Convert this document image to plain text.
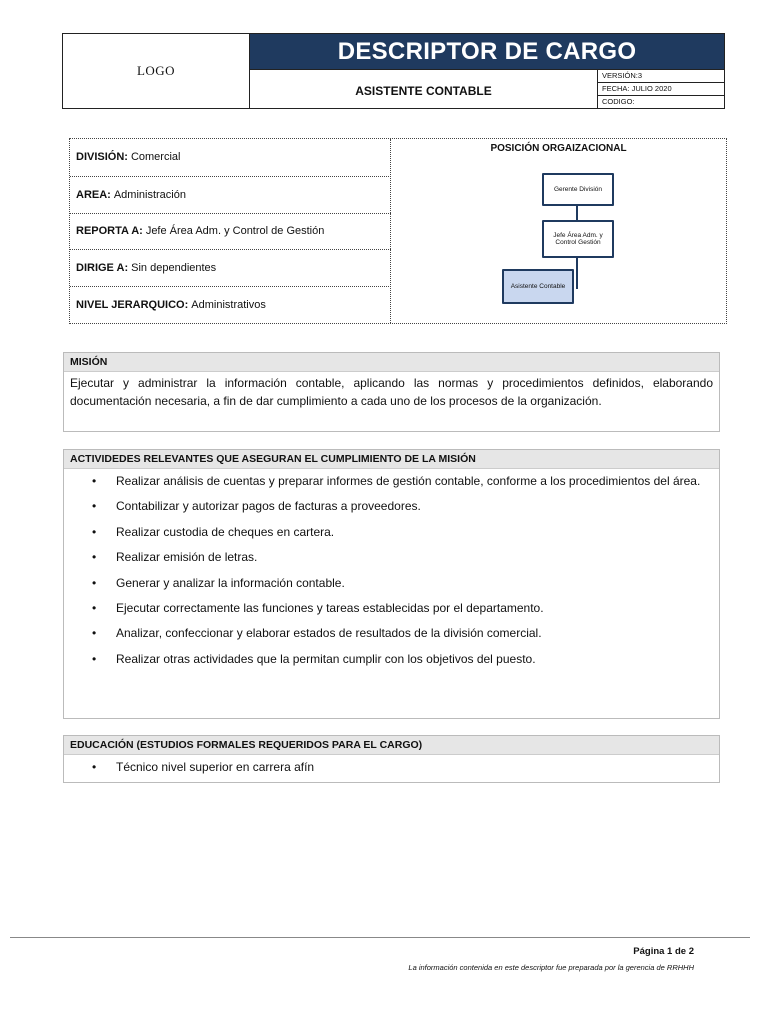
LOGO
DESCRIPTOR DE CARGO
ASISTENTE CONTABLE
VERSIÓN:3
FECHA: JULIO 2020
CODIGO:
DIVISIÓN: Comercial
AREA: Administración
REPORTA A: Jefe Área Adm. y Control de Gestión
DIRIGE A: Sin dependientes
NIVEL JERARQUICO: Administrativos
POSICIÓN ORGAIZACIONAL
Gerente División
Jefe Área Adm. y Control Gestión
Asistente Contable
MISIÓN
Ejecutar y administrar la información contable, aplicando las normas y procedimientos definidos, elaborando documentación necesaria, a fin de dar cumplimiento a cada uno de los procesos de la organización.
ACTIVIDEDES RELEVANTES QUE ASEGURAN EL CUMPLIMIENTO DE LA MISIÓN
• Realizar análisis de cuentas y preparar informes de gestión contable, conforme a los procedimientos del área.
• Contabilizar y autorizar pagos de facturas a proveedores.
• Realizar custodia de cheques en cartera.
• Realizar emisión de letras.
• Generar y analizar la información contable.
• Ejecutar correctamente las funciones y tareas establecidas por el departamento.
• Analizar, confeccionar y elaborar estados de resultados de la división comercial.
• Realizar otras actividades que la permitan cumplir con los objetivos del puesto.
EDUCACIÓN (ESTUDIOS FORMALES REQUERIDOS PARA EL CARGO)
• Técnico nivel superior en carrera afín
Página 1 de 2
La información contenida en este descriptor fue preparada por la gerencia de RRHHH
